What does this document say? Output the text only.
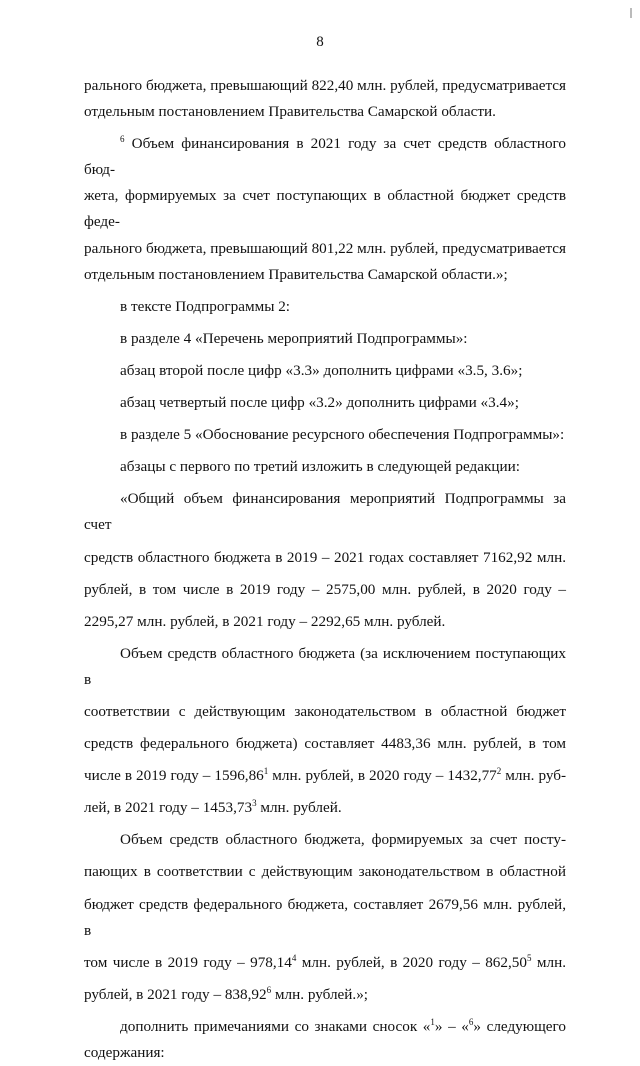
8

рального бюджета, превышающий 822,40 млн. рублей, предусматривается

отдельным постановлением Правительства Самарской области.

$^6$ Объем финансирования в 2021 году за счет средств областного бюд-

жета, формируемых за счет поступающих в областной бюджет средств феде-

рального бюджета, превышающий 801,22 млн. рублей, предусматривается

отдельным постановлением Правительства Самарской области.»;

в тексте Подпрограммы 2:

в разделе 4 «Перечень мероприятий Подпрограммы»:

абзац второй после цифр «3.3» дополнить цифрами «3.5, 3.6»;

абзац четвертый после цифр «3.2» дополнить цифрами «3.4»;

в разделе 5 «Обоснование ресурсного обеспечения Подпрограммы»:

абзацы с первого по третий изложить в следующей редакции:

«Общий объем финансирования мероприятий Подпрограммы за счет

средств областного бюджета в 2019 – 2021 годах составляет 7162,92 млн.

рублей, в том числе в 2019 году – 2575,00 млн. рублей, в 2020 году –

2295,27 млн. рублей, в 2021 году – 2292,65 млн. рублей.

Объем средств областного бюджета (за исключением поступающих в

соответствии с действующим законодательством в областной бюджет

средств федерального бюджета) составляет 4483,36 млн. рублей, в том

числе в 2019 году – 1596,86$^1$ млн. рублей, в 2020 году – 1432,77$^2$ млн. руб-

лей, в 2021 году – 1453,73$^3$ млн. рублей.

Объем средств областного бюджета, формируемых за счет посту-

пающих в соответствии с действующим законодательством в областной

бюджет средств федерального бюджета, составляет 2679,56 млн. рублей, в

том числе в 2019 году – 978,14$^4$ млн. рублей, в 2020 году – 862,50$^5$ млн.

рублей, в 2021 году – 838,92$^6$ млн. рублей.»;

дополнить примечаниями со знаками сносок «$^1$» – «$^6$» следующего

содержания:
